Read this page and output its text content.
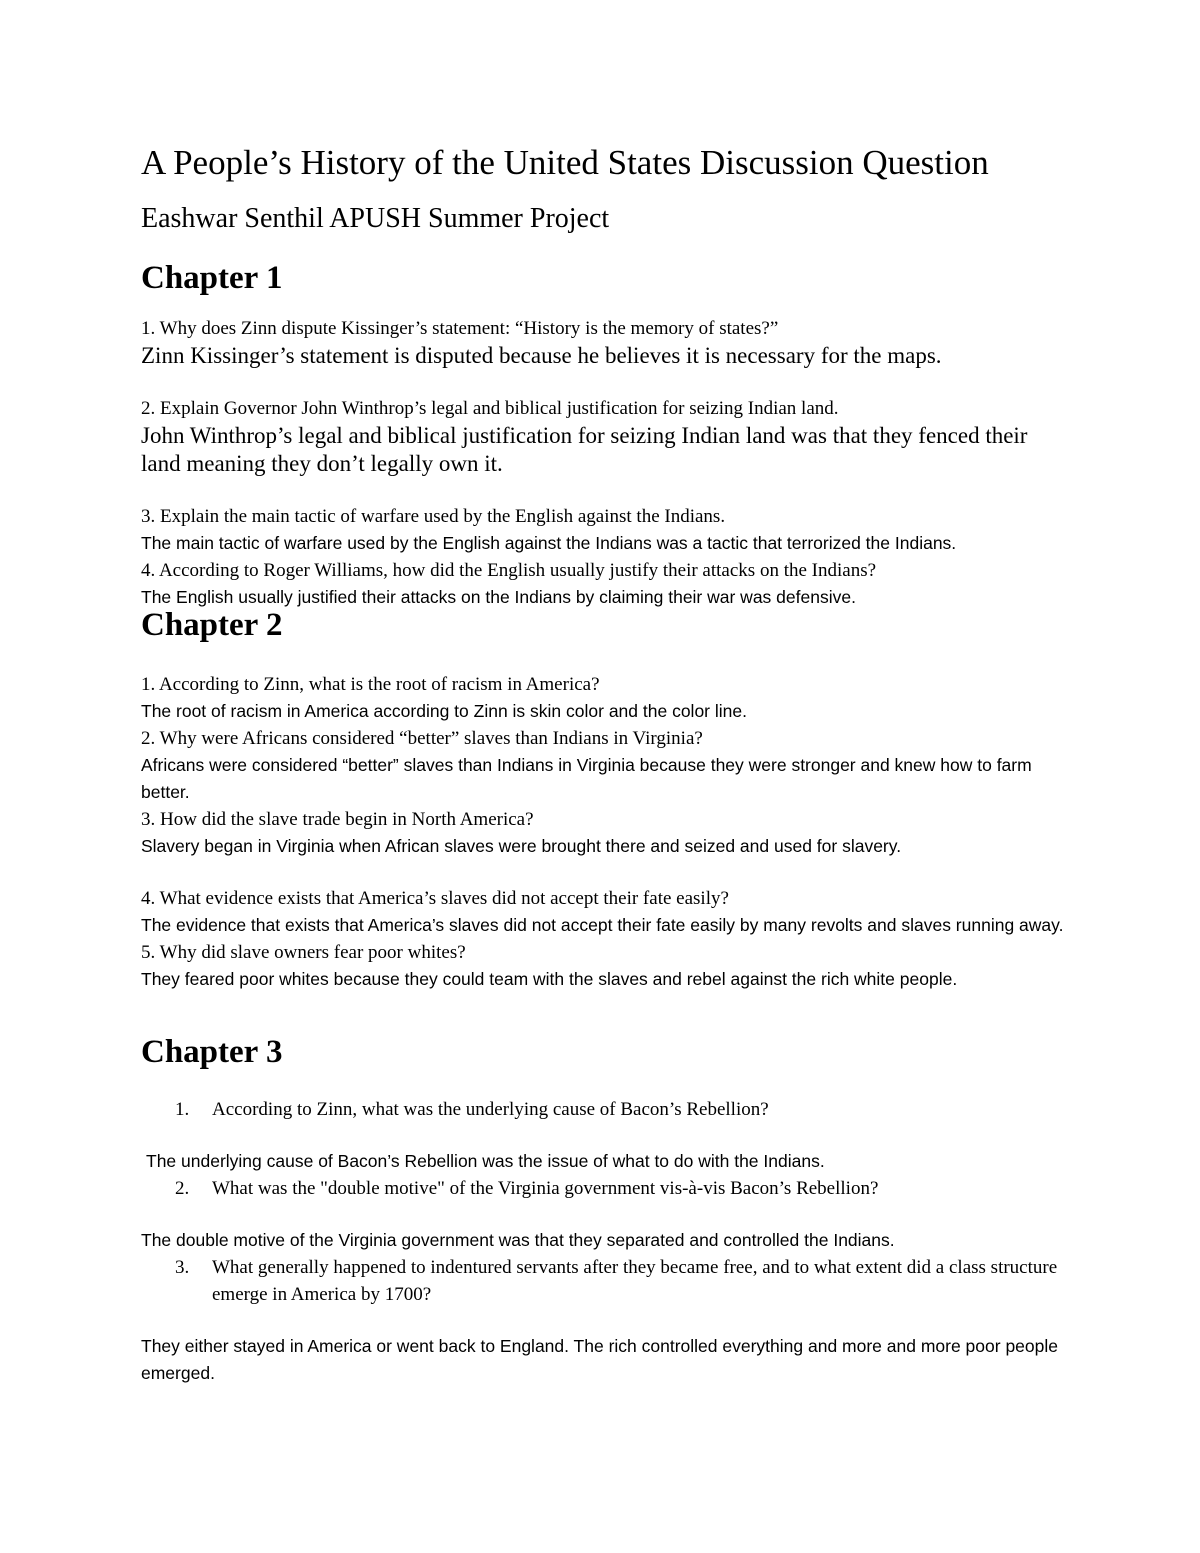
A People’s History of the United States Discussion Question
Eashwar Senthil APUSH Summer Project
Chapter 1
1. Why does Zinn dispute Kissinger’s statement: “History is the memory of states?”
Zinn Kissinger’s statement is disputed because he believes it is necessary for the maps.
2. Explain Governor John Winthrop’s legal and biblical justification for seizing Indian land.
John Winthrop’s legal and biblical justification for seizing Indian land was that they fenced their land meaning they don’t legally own it.
3. Explain the main tactic of warfare used by the English against the Indians.
The main tactic of warfare used by the English against the Indians was a tactic that terrorized the Indians.
4. According to Roger Williams, how did the English usually justify their attacks on the Indians?
The English usually justified their attacks on the Indians by claiming their war was defensive.
Chapter 2
1. According to Zinn, what is the root of racism in America?
The root of racism in America according to Zinn is skin color and the color line.
2. Why were Africans considered “better” slaves than Indians in Virginia?
Africans were considered “better” slaves than Indians in Virginia because they were stronger and knew how to farm better.
3. How did the slave trade begin in North America?
Slavery began in Virginia when African slaves were brought there and seized and used for slavery.
4. What evidence exists that America’s slaves did not accept their fate easily?
The evidence that exists that America’s slaves did not accept their fate easily by many revolts and slaves running away.
5. Why did slave owners fear poor whites?
They feared poor whites because they could team with the slaves and rebel against the rich white people.
Chapter 3
1. According to Zinn, what was the underlying cause of Bacon’s Rebellion?
The underlying cause of Bacon’s Rebellion was the issue of what to do with the Indians.
2. What was the "double motive" of the Virginia government vis-à-vis Bacon’s Rebellion?
The double motive of the Virginia government was that they separated and controlled the Indians.
3. What generally happened to indentured servants after they became free, and to what extent did a class structure emerge in America by 1700?
They either stayed in America or went back to England. The rich controlled everything and more and more poor people emerged.
